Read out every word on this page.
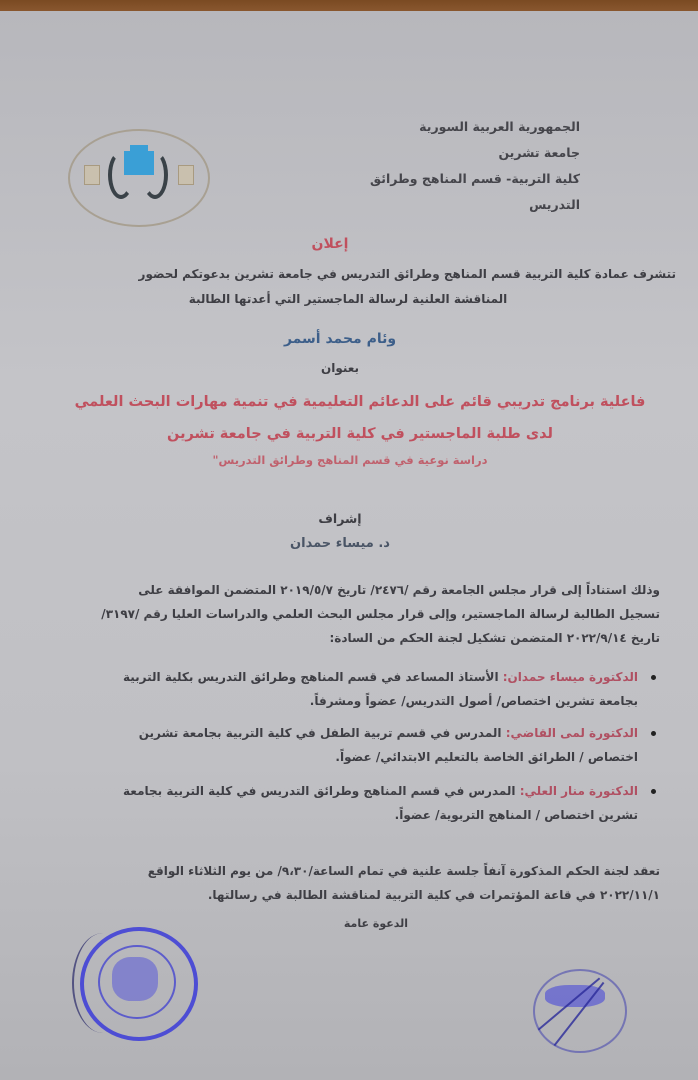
الجمهورية العربية السورية
جامعة تشرين
كلية التربية- قسم المناهج وطرائق التدريس
إعلان
تتشرف عمادة كلية التربية قسم المناهج وطرائق التدريس في جامعة تشرين بدعوتكم لحضور
المناقشة العلنية لرسالة الماجستير التي أعدتها الطالبة
وئام محمد أسمر
بعنوان
فاعلية برنامج تدريبي قائم على الدعائم التعليمية في تنمية مهارات البحث العلمي
لدى طلبة الماجستير في كلية التربية في جامعة تشرين
دراسة نوعية في قسم المناهج وطرائق التدريس"
إشراف
د. ميساء حمدان
وذلك استناداً إلى قرار مجلس الجامعة رقم /٢٤٧٦/ تاريخ ٢٠١٩/٥/٧ المتضمن الموافقة على
تسجيل الطالبة لرسالة الماجستير، وإلى قرار مجلس البحث العلمي والدراسات العليا رقم /٣١٩٧/
تاريخ ٢٠٢٢/٩/١٤ المتضمن تشكيل لجنة الحكم من السادة:
الدكتورة ميساء حمدان: الأستاذ المساعد في قسم المناهج وطرائق التدريس بكلية التربية
بجامعة تشرين اختصاص/ أصول التدريس/ عضواً ومشرفاً.
الدكتورة لمى القاضي: المدرس في قسم تربية الطفل في كلية التربية بجامعة تشرين
اختصاص / الطرائق الخاصة بالتعليم الابتدائي/ عضواً.
الدكتورة منار العلي: المدرس في قسم المناهج وطرائق التدريس في كلية التربية بجامعة
تشرين اختصاص / المناهج التربوية/ عضواً.
تعقد لجنة الحكم المذكورة آنفاً جلسة علنية في تمام الساعة/٩،٣٠/ من يوم الثلاثاء الواقع
٢٠٢٢/١١/١ في قاعة المؤتمرات في كلية التربية لمناقشة الطالبة في رسالتها.
الدعوة عامة
